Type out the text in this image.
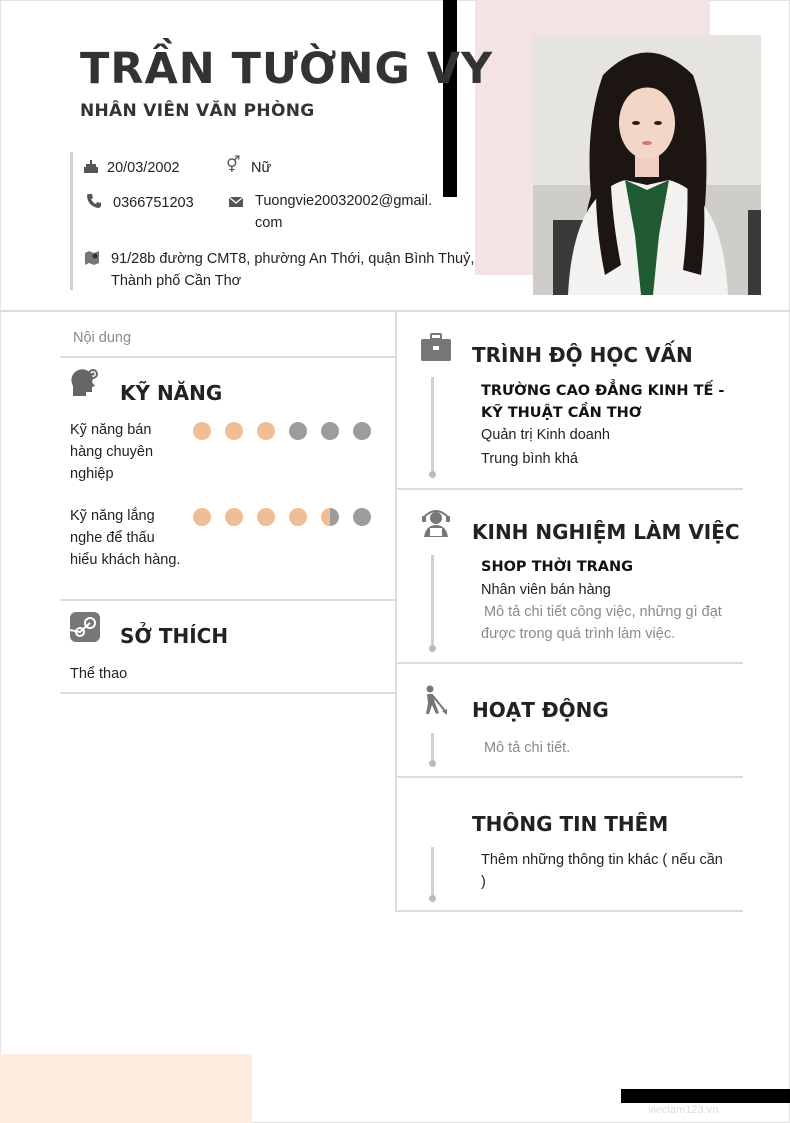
TRẦN TƯỜNG VY
NHÂN VIÊN VĂN PHÒNG
20/03/2002	⚥ Nữ
0366751203	Tuongvie20032002@gmail.
com
91/28b đường CMT8, phường An Thới, quận Bình Thuỷ,
Thành phố Cần Thơ
Nội dung
KỸ NĂNG
Kỹ năng bán
hàng chuyên
nghiệp
Kỹ năng lắng
nghe để thấu
hiểu khách hàng.
SỞ THÍCH
Thể thao
TRÌNH ĐỘ HỌC VẤN
TRƯỜNG CAO ĐẲNG KINH TẾ -
KỸ THUẬT CẦN THƠ
Quản trị Kinh doanh
Trung bình khá
KINH NGHIỆM LÀM VIỆC
SHOP THỜI TRANG
Nhân viên bán hàng
Mô tả chi tiết công việc, những gì đạt
được trong quá trình làm việc.
HOẠT ĐỘNG
Mô tả chi tiết.
THÔNG TIN THÊM
Thêm những thông tin khác ( nếu cần
)
vieclam123.vn
